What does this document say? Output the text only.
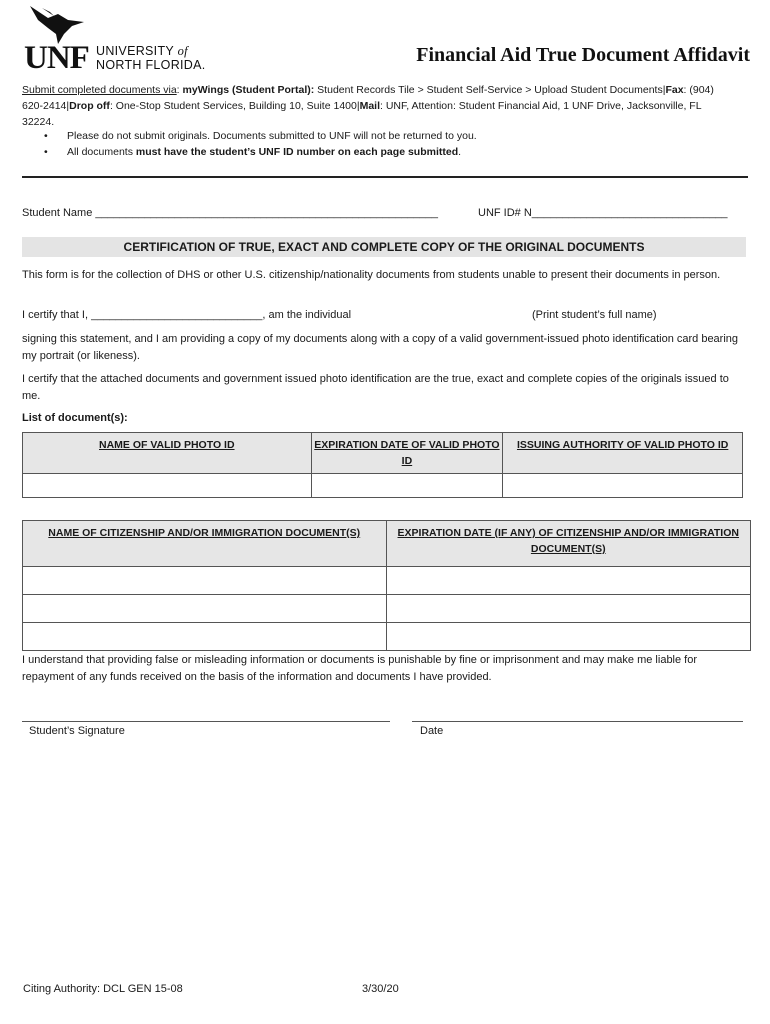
UNF UNIVERSITY of
NORTH FLORIDA.	Financial Aid True Document Affidavit
Submit completed documents via: myWings (Student Portal): Student Records Tile > Student Self-Service > Upload Student Documents|Fax: (904) 620-2414|Drop off: One-Stop Student Services, Building 10, Suite 1400|Mail: UNF, Attention: Student Financial Aid, 1 UNF Drive, Jacksonville, FL 32224.
• Please do not submit originals. Documents submitted to UNF will not be returned to you.
• All documents must have the student’s UNF ID number on each page submitted.
Student Name ________________________________________________________	UNF ID# N________________________________
CERTIFICATION OF TRUE, EXACT AND COMPLETE COPY OF THE ORIGINAL DOCUMENTS
This form is for the collection of DHS or other U.S. citizenship/nationality documents from students unable to present their documents in person.
I certify that I, ____________________________, am the individual	(Print student’s full name)
signing this statement, and I am providing a copy of my documents along with a copy of a valid government-issued photo identification card bearing my portrait (or likeness).
I certify that the attached documents and government issued photo identification are the true, exact and complete copies of the originals issued to me.
List of document(s):
NAME OF VALID PHOTO ID	EXPIRATION DATE OF VALID PHOTO ID	ISSUING AUTHORITY OF VALID PHOTO ID

NAME OF CITIZENSHIP AND/OR IMMIGRATION DOCUMENT(S)	EXPIRATION DATE (IF ANY) OF CITIZENSHIP AND/OR IMMIGRATION DOCUMENT(S)

I understand that providing false or misleading information or documents is punishable by fine or imprisonment and may make me liable for repayment of any funds received on the basis of the information and documents I have provided.
Student’s Signature	Date
Citing Authority: DCL GEN 15-08	3/30/20
